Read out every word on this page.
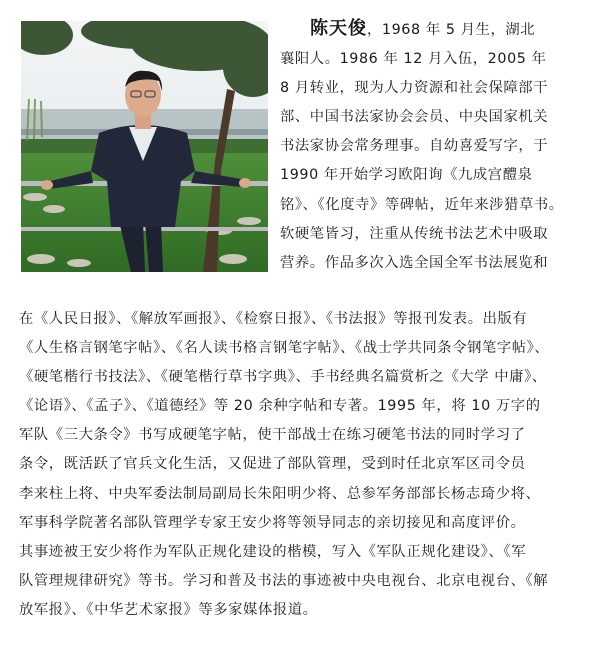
陈天俊，1968 年 5 月生，湖北
襄阳人。1986 年 12 月入伍，2005 年
8 月转业，现为人力资源和社会保障部干
部、中国书法家协会会员、中央国家机关
书法家协会常务理事。自幼喜爱写字，于
1990 年开始学习欧阳询《九成宫醴泉
铭》、《化度寺》等碑帖，近年来涉猎草书。
软硬笔皆习，注重从传统书法艺术中吸取
营养。作品多次入选全国全军书法展览和
在《人民日报》、《解放军画报》、《检察日报》、《书法报》等报刊发表。出版有
《人生格言钢笔字帖》、《名人读书格言钢笔字帖》、《战士学共同条令钢笔字帖》、
《硬笔楷行书技法》、《硬笔楷行草书字典》、手书经典名篇赏析之《大学 中庸》、
《论语》、《孟子》、《道德经》等 20 余种字帖和专著。1995 年，将 10 万字的
军队《三大条令》书写成硬笔字帖，使干部战士在练习硬笔书法的同时学习了
条令，既活跃了官兵文化生活，又促进了部队管理，受到时任北京军区司令员
李来柱上将、中央军委法制局副局长朱阳明少将、总参军务部部长杨志琦少将、
军事科学院著名部队管理学专家王安少将等领导同志的亲切接见和高度评价。
其事迹被王安少将作为军队正规化建设的楷模，写入《军队正规化建设》、《军
队管理规律研究》等书。学习和普及书法的事迹被中央电视台、北京电视台、《解
放军报》、《中华艺术家报》等多家媒体报道。
